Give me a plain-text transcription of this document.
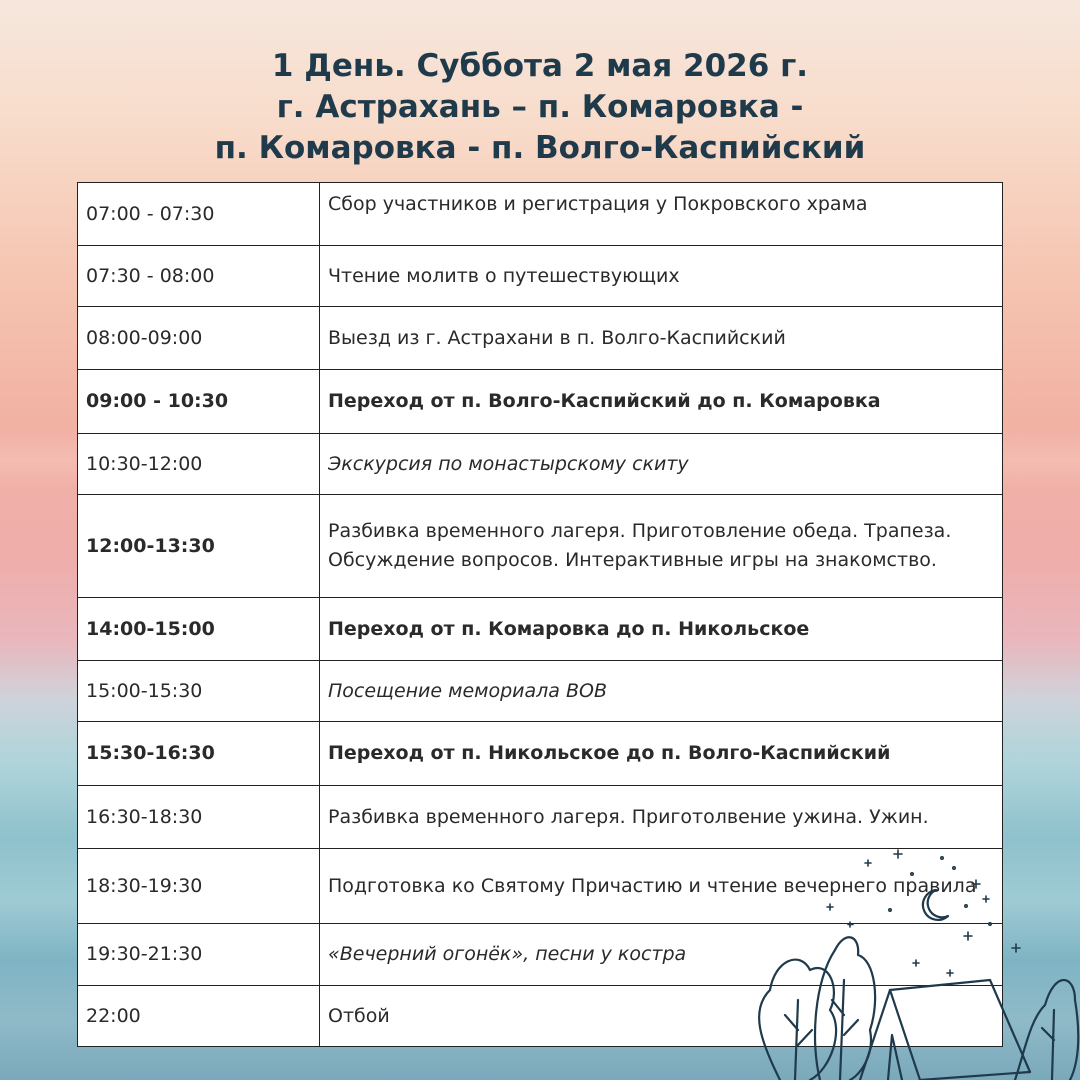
1 День. Суббота 2 мая 2026 г.
г. Астрахань – п. Комаровка -
п. Комаровка - п. Волго-Каспийский
07:00 - 07:30	Сбор участников и регистрация у Покровского храма
07:30 - 08:00	Чтение молитв о путешествующих
08:00-09:00	Выезд из г. Астрахани в п. Волго-Каспийский
09:00 - 10:30	Переход от п. Волго-Каспийский до п. Комаровка
10:30-12:00	Экскурсия по монастырскому скиту
12:00-13:30	Разбивка временного лагеря. Приготовление обеда. Трапеза. Обсуждение вопросов. Интерактивные игры на знакомство.
14:00-15:00	Переход от п. Комаровка до п. Никольское
15:00-15:30	Посещение мемориала ВОВ
15:30-16:30	Переход от п. Никольское до п. Волго-Каспийский
16:30-18:30	Разбивка временного лагеря. Приготолвение ужина. Ужин.
18:30-19:30	Подготовка ко Святому Причастию и чтение вечернего правила
19:30-21:30	«Вечерний огонёк», песни у костра
22:00	Отбой
